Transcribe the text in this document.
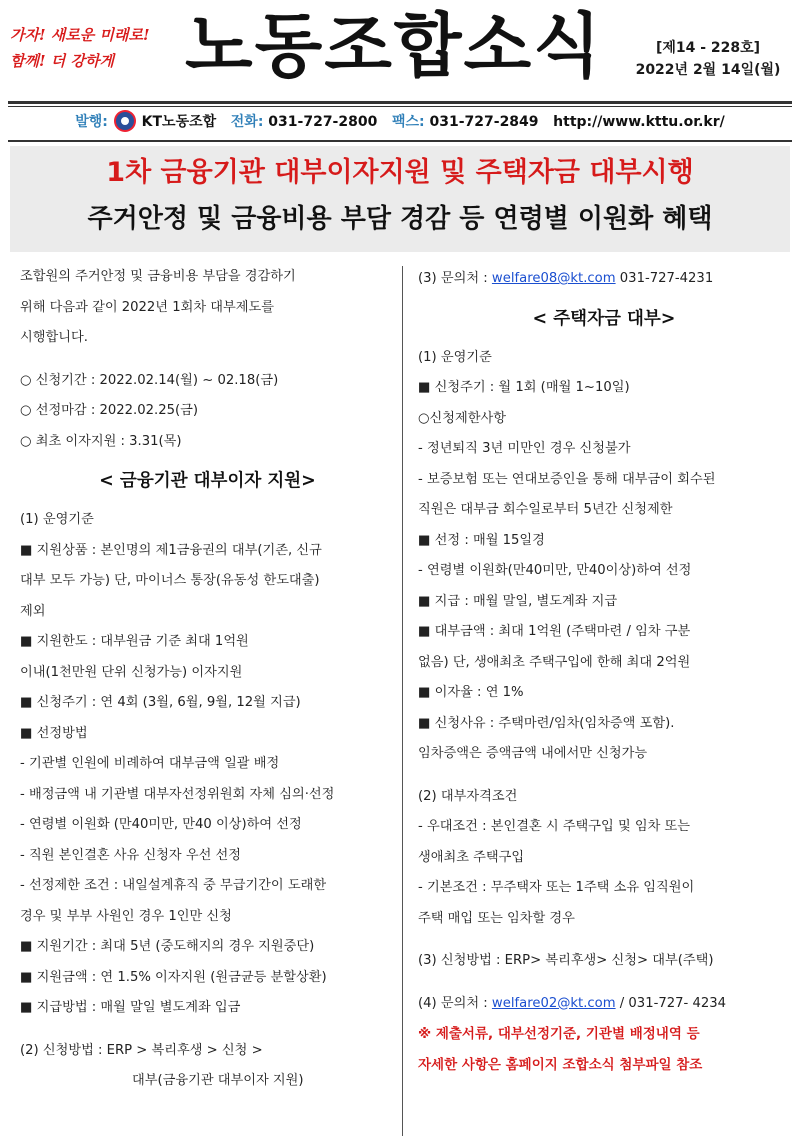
가자! 새로운 미래로!
함께! 더 강하게	노동조합소식	[제14 - 228호]
2022년 2월 14일(월)
발행: KT노동조합 전화: 031-727-2800 팩스: 031-727-2849 http://www.kttu.or.kr/
1차 금융기관 대부이자지원 및 주택자금 대부시행
주거안정 및 금융비용 부담 경감 등 연령별 이원화 혜택
조합원의 주거안정 및 금융비용 부담을 경감하기
위해 다음과 같이 2022년 1회차 대부제도를
시행합니다.
○ 신청기간 : 2022.02.14(월) ~ 02.18(금)
○ 선정마감 : 2022.02.25(금)
○ 최초 이자지원 : 3.31(목)
< 금융기관 대부이자 지원>
(1) 운영기준
■ 지원상품 : 본인명의 제1금융권의 대부(기존, 신규
대부 모두 가능) 단, 마이너스 통장(유동성 한도대출)
제외
■ 지원한도 : 대부원금 기준 최대 1억원
이내(1천만원 단위 신청가능) 이자지원
■ 신청주기 : 연 4회 (3월, 6월, 9월, 12월 지급)
■ 선정방법
- 기관별 인원에 비례하여 대부금액 일괄 배정
- 배정금액 내 기관별 대부자선정위원회 자체 심의·선정
- 연령별 이원화 (만40미만, 만40 이상)하여 선정
- 직원 본인결혼 사유 신청자 우선 선정
- 선정제한 조건 : 내일설계휴직 중 무급기간이 도래한
경우 및 부부 사원인 경우 1인만 신청
■ 지원기간 : 최대 5년 (중도해지의 경우 지원중단)
■ 지원금액 : 연 1.5% 이자지원 (원금균등 분할상환)
■ 지급방법 : 매월 말일 별도계좌 입금
(2) 신청방법 : ERP > 복리후생 > 신청 >
대부(금융기관 대부이자 지원)
(3) 문의처 : welfare08@kt.com 031-727-4231
< 주택자금 대부>
(1) 운영기준
■ 신청주기 : 월 1회 (매월 1~10일)
○신청제한사항
- 정년퇴직 3년 미만인 경우 신청불가
- 보증보험 또는 연대보증인을 통해 대부금이 회수된
직원은 대부금 회수일로부터 5년간 신청제한
■ 선정 : 매월 15일경
- 연령별 이원화(만40미만, 만40이상)하여 선정
■ 지급 : 매월 말일, 별도계좌 지급
■ 대부금액 : 최대 1억원 (주택마련 / 임차 구분
없음) 단, 생애최초 주택구입에 한해 최대 2억원
■ 이자율 : 연 1%
■ 신청사유 : 주택마련/임차(임차증액 포함).
임차증액은 증액금액 내에서만 신청가능
(2) 대부자격조건
- 우대조건 : 본인결혼 시 주택구입 및 임차 또는
생애최초 주택구입
- 기본조건 : 무주택자 또는 1주택 소유 임직원이
주택 매입 또는 임차할 경우
(3) 신청방법 : ERP> 복리후생> 신청> 대부(주택)
(4) 문의처 : welfare02@kt.com / 031-727- 4234
※ 제출서류, 대부선정기준, 기관별 배정내역 등
자세한 사항은 홈페이지 조합소식 첨부파일 참조
